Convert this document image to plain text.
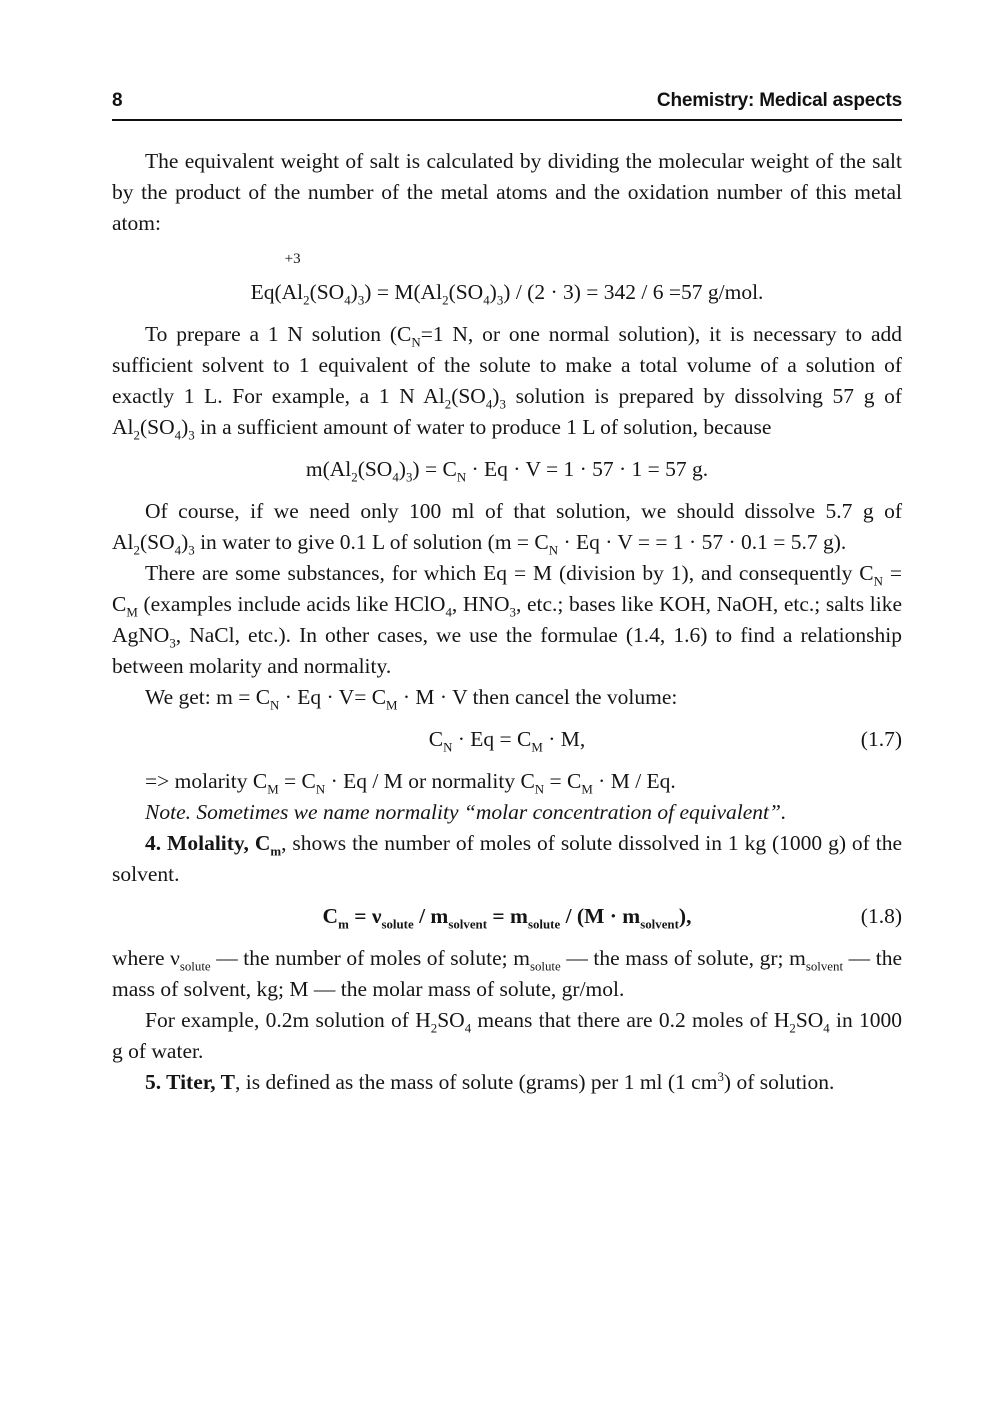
8	Chemistry: Medical aspects
The equivalent weight of salt is calculated by dividing the molecular weight of the salt by the product of the number of the metal atoms and the oxidation number of this metal atom:
Eq(
+3
$Al_2(SO_4)_3) = M(Al_2(SO_4)_3) / (2 \cdot 3) = 342 / 6 =57$ g/mol.
To prepare a 1 N solution ($C_N=1$ N, or one normal solution), it is necessary to add sufficient solvent to 1 equivalent of the solute to make a total volume of a solution of exactly 1 L. For example, a 1 N $Al_2(SO_4)_3$ solution is prepared by dissolving 57 g of $Al_2(SO_4)_3$ in a sufficient amount of water to produce 1 L of solution, because
$m(Al_2(SO_4)_3) = C_N \cdot Eq \cdot V = 1 \cdot 57 \cdot 1 = 57$ g.
Of course, if we need only 100 ml of that solution, we should dissolve 5.7 g of $Al_2(SO_4)_3$ in water to give 0.1 L of solution ($m = C_N \cdot Eq \cdot V$ = = 1 · 57 · 0.1 = 5.7 g).
There are some substances, for which Eq = M (division by 1), and consequently $C_N = C_M$ (examples include acids like HClO$_4$, $HNO_3$, etc.; bases like KOH, NaOH, etc.; salts like AgNO$_3$, NaCl, etc.). In other cases, we use the formulae (1.4, 1.6) to find a relationship between molarity and normality.
We get: $m = C_N \cdot Eq \cdot V= C_M \cdot M \cdot V$ then cancel the volume:
$C_N \cdot Eq = C_M \cdot M$,	(1.7)
=> molarity $C_M = C_N \cdot Eq / M$ or normality $C_N = C_M \cdot M / Eq$.
Note. Sometimes we name normality “molar concentration of equivalent”.
4. Molality, $C_m$, shows the number of moles of solute dissolved in 1 kg (1000 g) of the solvent.
$C_m = \nu_{solute} / m_{solvent} = m_{solute} / (M \cdot m_{solvent})$,	(1.8)
where $\nu_{solute}$ — the number of moles of solute; $m_{solute}$ — the mass of solute, gr; $m_{solvent}$ — the mass of solvent, kg; M — the molar mass of solute, gr/mol.
For example, 0.2m solution of $H_2SO_4$ means that there are 0.2 moles of $H_2SO_4$ in 1000 g of water.
5. Titer, T, is defined as the mass of solute (grams) per 1 ml (1 $cm^3$) of solution.
